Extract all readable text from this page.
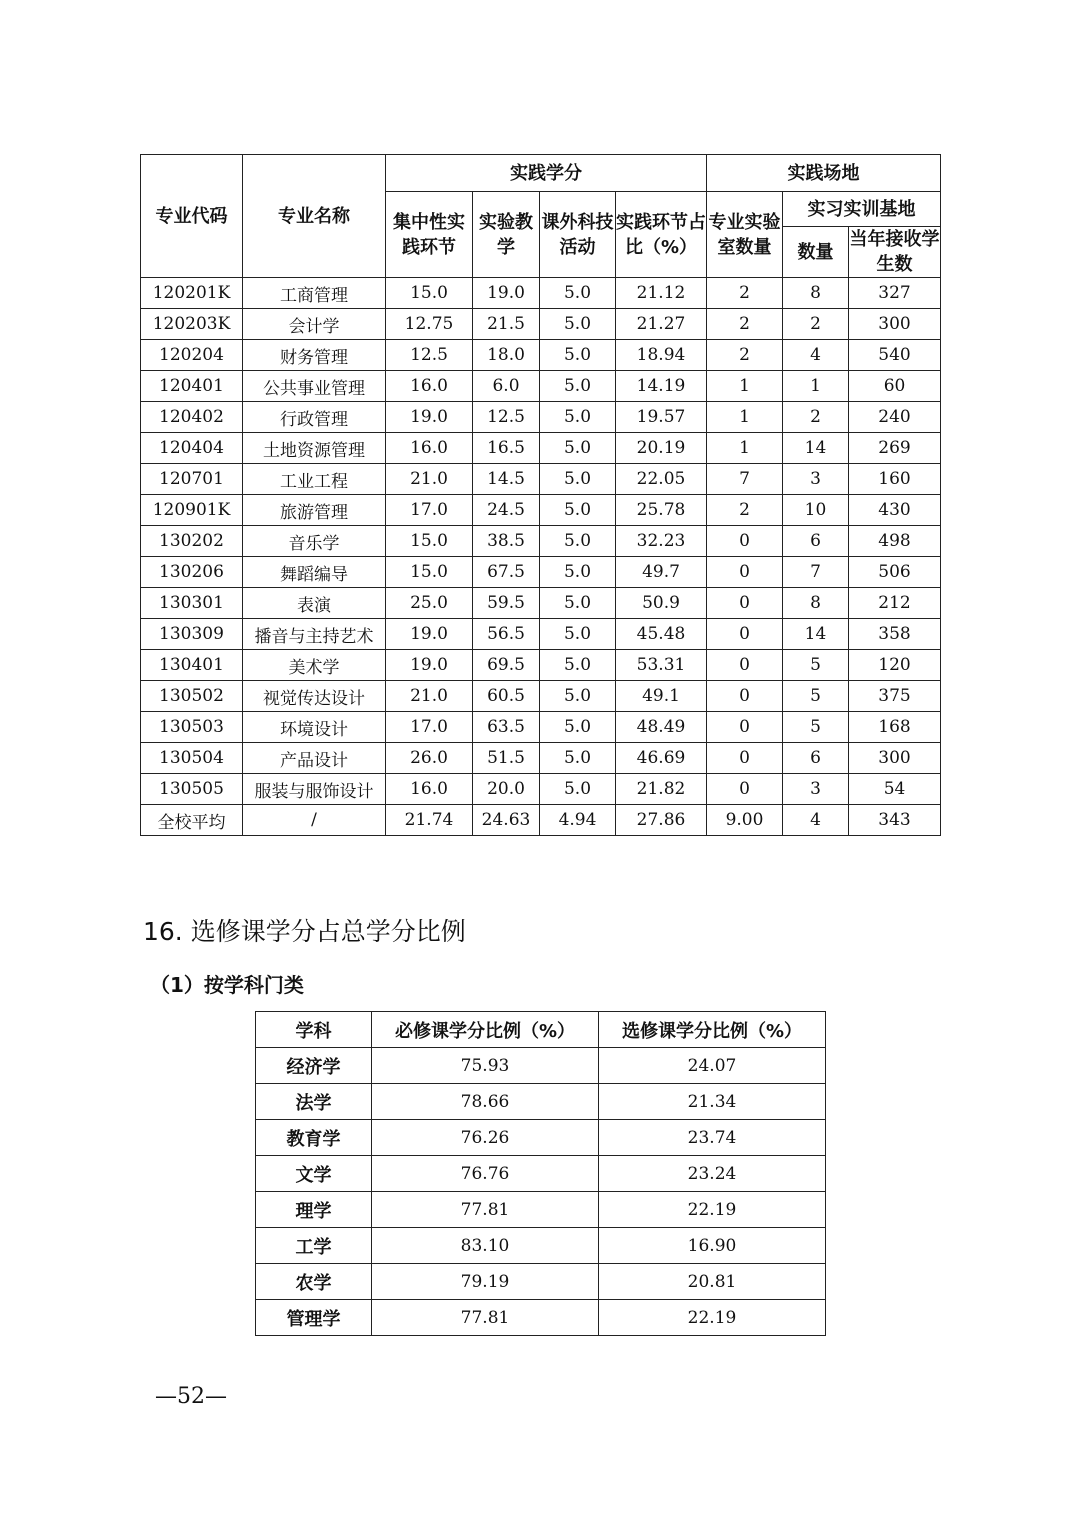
专业代码	专业名称	实践学分				实践场地		
		集中性实践环节	实验教学	课外科技活动	实践环节占比（%）	专业实验室数量	实习实训基地	
							数量	当年接收学生数
120201K	工商管理	15.0	19.0	5.0	21.12	2	8	327
120203K	会计学	12.75	21.5	5.0	21.27	2	2	300
120204	财务管理	12.5	18.0	5.0	18.94	2	4	540
120401	公共事业管理	16.0	6.0	5.0	14.19	1	1	60
120402	行政管理	19.0	12.5	5.0	19.57	1	2	240
120404	土地资源管理	16.0	16.5	5.0	20.19	1	14	269
120701	工业工程	21.0	14.5	5.0	22.05	7	3	160
120901K	旅游管理	17.0	24.5	5.0	25.78	2	10	430
130202	音乐学	15.0	38.5	5.0	32.23	0	6	498
130206	舞蹈编导	15.0	67.5	5.0	49.7	0	7	506
130301	表演	25.0	59.5	5.0	50.9	0	8	212
130309	播音与主持艺术	19.0	56.5	5.0	45.48	0	14	358
130401	美术学	19.0	69.5	5.0	53.31	0	5	120
130502	视觉传达设计	21.0	60.5	5.0	49.1	0	5	375
130503	环境设计	17.0	63.5	5.0	48.49	0	5	168
130504	产品设计	26.0	51.5	5.0	46.69	0	6	300
130505	服装与服饰设计	16.0	20.0	5.0	21.82	0	3	54
全校平均	/	21.74	24.63	4.94	27.86	9.00	4	343
16. 选修课学分占总学分比例
（1）按学科门类
学科	必修课学分比例（%）	选修课学分比例（%）
经济学	75.93	24.07
法学	78.66	21.34
教育学	76.26	23.74
文学	76.76	23.24
理学	77.81	22.19
工学	83.10	16.90
农学	79.19	20.81
管理学	77.81	22.19

—52—
